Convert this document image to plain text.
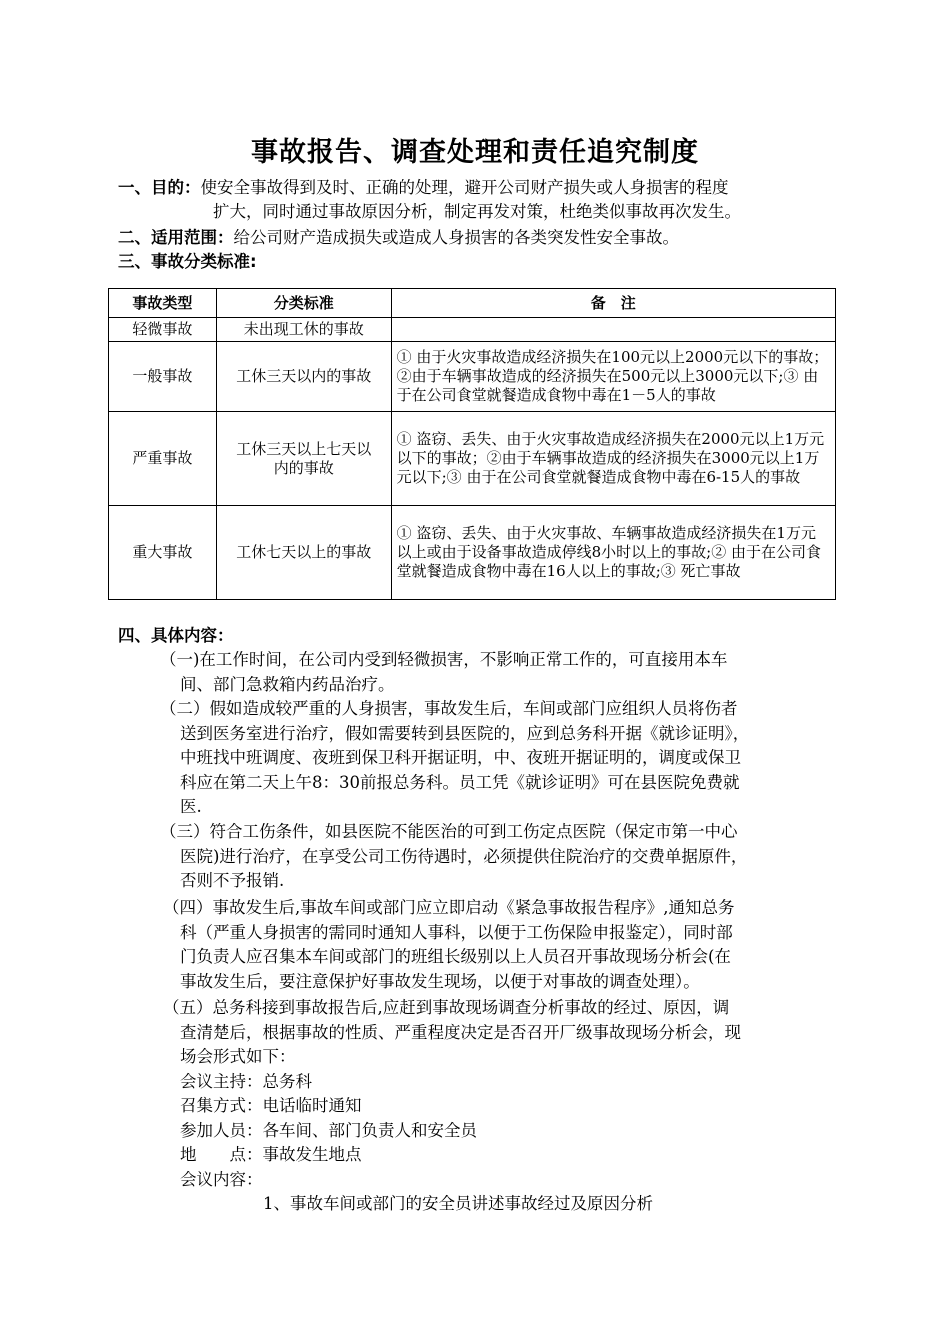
事故报告、调查处理和责任追究制度
一、目的：使安全事故得到及时、正确的处理，避开公司财产损失或人身损害的程度
扩大，同时通过事故原因分析，制定再发对策，杜绝类似事故再次发生。
二、适用范围：给公司财产造成损失或造成人身损害的各类突发性安全事故。
三、事故分类标准:
事故类型	分类标准	备　注
轻微事故	未出现工休的事故	
一般事故	工休三天以内的事故	① 由于火灾事故造成经济损失在100元以上2000元以下的事故；②由于车辆事故造成的经济损失在500元以上3000元以下;③ 由于在公司食堂就餐造成食物中毒在1－5人的事故
严重事故	工休三天以上七天以内的事故	① 盗窃、丢失、由于火灾事故造成经济损失在2000元以上1万元以下的事故；②由于车辆事故造成的经济损失在3000元以上1万元以下;③ 由于在公司食堂就餐造成食物中毒在6-15人的事故
重大事故	工休七天以上的事故	① 盗窃、丢失、由于火灾事故、车辆事故造成经济损失在1万元以上或由于设备事故造成停线8小时以上的事故;② 由于在公司食堂就餐造成食物中毒在16人以上的事故;③ 死亡事故
四、具体内容：
（一)在工作时间，在公司内受到轻微损害，不影响正常工作的，可直接用本车
间、部门急救箱内药品治疗。
（二）假如造成较严重的人身损害，事故发生后，车间或部门应组织人员将伤者
送到医务室进行治疗，假如需要转到县医院的，应到总务科开据《就诊证明》，
中班找中班调度、夜班到保卫科开据证明，中、夜班开据证明的，调度或保卫
科应在第二天上午8：30前报总务科。员工凭《就诊证明》可在县医院免费就
医.
（三）符合工伤条件，如县医院不能医治的可到工伤定点医院（保定市第一中心
医院)进行治疗，在享受公司工伤待遇时，必须提供住院治疗的交费单据原件，
否则不予报销.
（四）事故发生后,事故车间或部门应立即启动《紧急事故报告程序》,通知总务
科（严重人身损害的需同时通知人事科，以便于工伤保险申报鉴定），同时部
门负责人应召集本车间或部门的班组长级别以上人员召开事故现场分析会(在
事故发生后，要注意保护好事故发生现场，以便于对事故的调查处理）。
（五）总务科接到事故报告后,应赶到事故现场调查分析事故的经过、原因，调
查清楚后，根据事故的性质、严重程度决定是否召开厂级事故现场分析会，现
场会形式如下：
会议主持：总务科
召集方式：电话临时通知
参加人员：各车间、部门负责人和安全员
地　　点：事故发生地点
会议内容：
1、事故车间或部门的安全员讲述事故经过及原因分析
